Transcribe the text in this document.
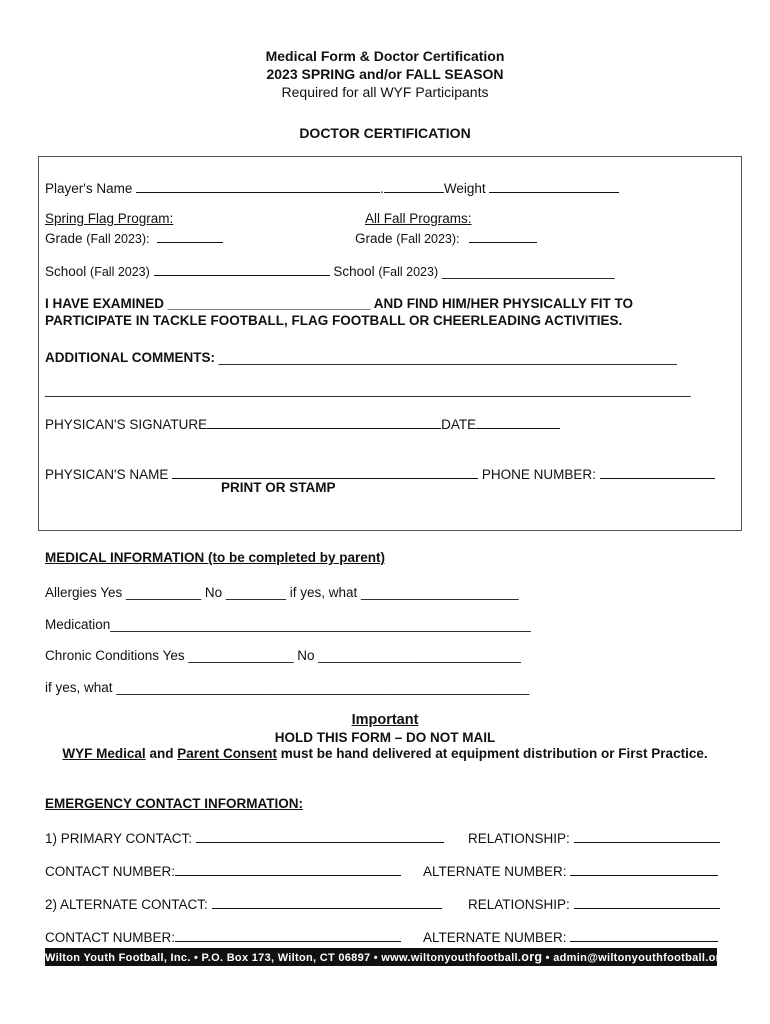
Medical Form & Doctor Certification
2023 SPRING and/or FALL SEASON
Required for all WYF Participants
DOCTOR CERTIFICATION
Player's Name	.	Weight
Spring Flag Program:	All Fall Programs:
Grade (Fall 2023):	Grade (Fall 2023):
School (Fall 2023)	School (Fall 2023) _______________________
I HAVE EXAMINED ___________________________ AND FIND HIM/HER PHYSICALLY FIT TO
PARTICIPATE IN TACKLE FOOTBALL, FLAG FOOTBALL OR CHEERLEADING ACTIVITIES.
ADDITIONAL COMMENTS: _____________________________________________________________
______________________________________________________________________________________
PHYSICAN'S SIGNATURE	DATE
PHYSICAN'S NAME	PHONE NUMBER:
PRINT OR STAMP
MEDICAL INFORMATION (to be completed by parent)
Allergies Yes __________ No ________ if yes, what _____________________
Medication________________________________________________________
Chronic Conditions Yes ______________ No ___________________________
if yes, what _______________________________________________________
Important
HOLD THIS FORM – DO NOT MAIL
WYF Medical and Parent Consent must be hand delivered at equipment distribution or First Practice.
EMERGENCY CONTACT INFORMATION:
1) PRIMARY CONTACT:	RELATIONSHIP:
CONTACT NUMBER:	ALTERNATE NUMBER:
2) ALTERNATE CONTACT:	RELATIONSHIP:
CONTACT NUMBER:	ALTERNATE NUMBER:
Wilton Youth Football, Inc. • P.O. Box 173, Wilton, CT 06897 • www.wiltonyouthfootball.org • admin@wiltonyouthfootball.org
